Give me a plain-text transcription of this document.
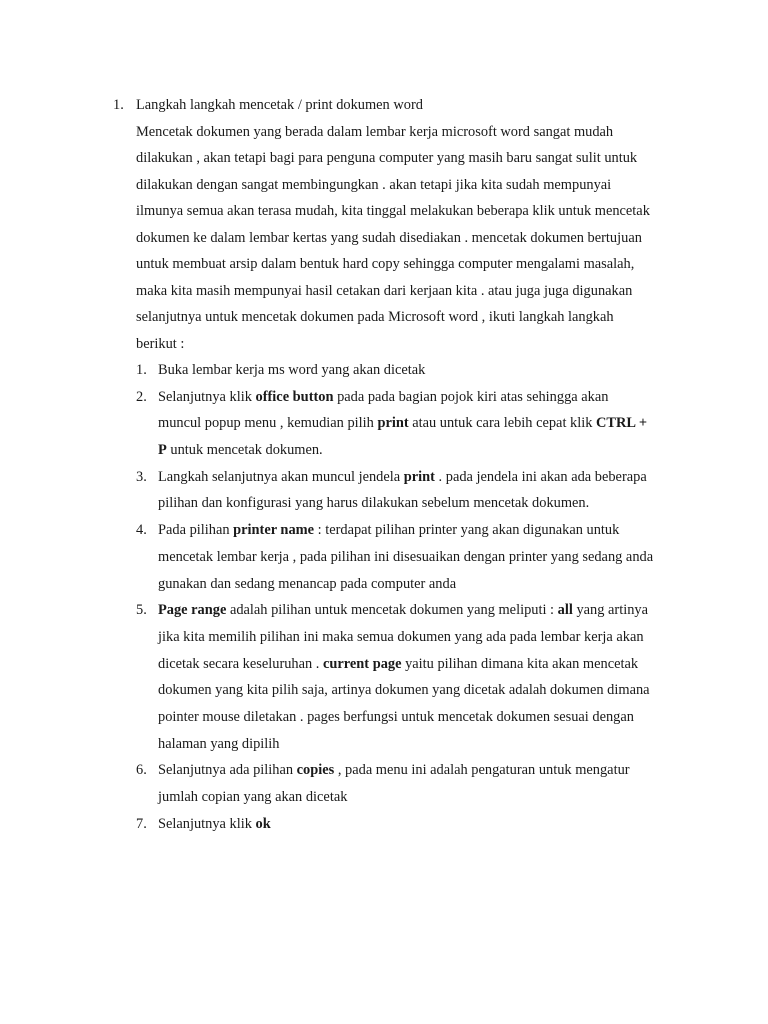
1. Langkah langkah mencetak / print dokumen word
Mencetak dokumen yang berada dalam lembar kerja microsoft word sangat mudah
dilakukan , akan tetapi bagi para penguna computer yang masih baru sangat sulit untuk
dilakukan dengan sangat membingungkan . akan tetapi jika kita sudah mempunyai
ilmunya semua akan terasa mudah, kita tinggal melakukan beberapa klik untuk mencetak
dokumen ke dalam lembar kertas yang sudah disediakan . mencetak dokumen bertujuan
untuk membuat arsip dalam bentuk hard copy sehingga computer mengalami masalah,
maka kita masih mempunyai hasil cetakan dari kerjaan kita . atau juga juga digunakan
selanjutnya untuk mencetak dokumen pada Microsoft word , ikuti langkah langkah
berikut :
1. Buka lembar kerja ms word yang akan dicetak
2. Selanjutnya klik office button pada pada bagian pojok kiri atas sehingga akan
muncul popup menu , kemudian pilih print atau untuk cara lebih cepat klik CTRL +
P untuk mencetak dokumen.
3. Langkah selanjutnya akan muncul jendela print . pada jendela ini akan ada beberapa
pilihan dan konfigurasi yang harus dilakukan sebelum mencetak dokumen.
4. Pada pilihan printer name : terdapat pilihan printer yang akan digunakan untuk
mencetak lembar kerja , pada pilihan ini disesuaikan dengan printer yang sedang anda
gunakan dan sedang menancap pada computer anda
5. Page range adalah pilihan untuk mencetak dokumen yang meliputi : all yang artinya
jika kita memilih pilihan ini maka semua dokumen yang ada pada lembar kerja akan
dicetak secara keseluruhan . current page yaitu pilihan dimana kita akan mencetak
dokumen yang kita pilih saja, artinya dokumen yang dicetak adalah dokumen dimana
pointer mouse diletakan . pages berfungsi untuk mencetak dokumen sesuai dengan
halaman yang dipilih
6. Selanjutnya ada pilihan copies , pada menu ini adalah pengaturan untuk mengatur
jumlah copian yang akan dicetak
7. Selanjutnya klik ok
